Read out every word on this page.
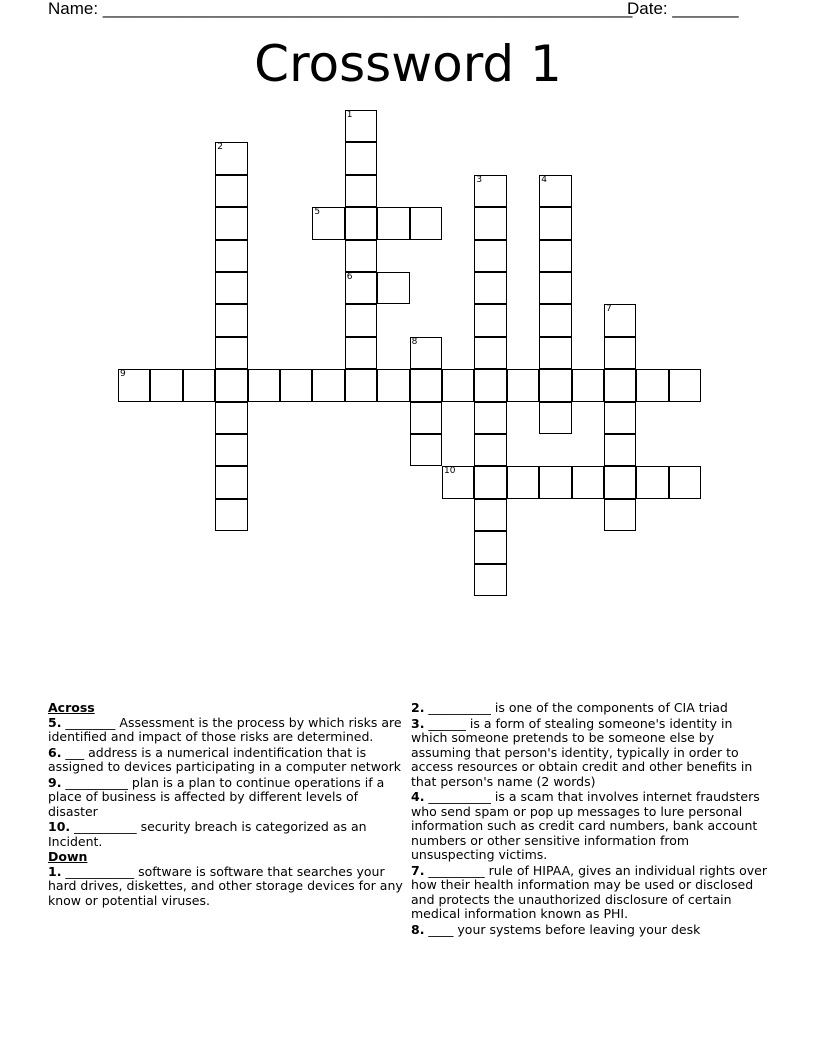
Name: ________________________________________________________
Date: _______
Crossword 1
1
6
2
3	4
5
7
8
9
10
Across
5. ________ Assessment is the process by which risks are identified and impact of those risks are determined.
6. ___ address is a numerical indentification that is assigned to devices participating in a computer network
9. __________ plan is a plan to continue operations if a place of business is affected by different levels of disaster
10. __________ security breach is categorized as an Incident.
Down
1. ___________ software is software that searches your hard drives, diskettes, and other storage devices for any know or potential viruses.
2. __________ is one of the components of CIA triad
3. ______ is a form of stealing someone's identity in which someone pretends to be someone else by assuming that person's identity, typically in order to access resources or obtain credit and other benefits in that person's name (2 words)
4. __________ is a scam that involves internet fraudsters who send spam or pop up messages to lure personal information such as credit card numbers, bank account numbers or other sensitive information from unsuspecting victims.
7. _________ rule of HIPAA, gives an individual rights over how their health information may be used or disclosed and protects the unauthorized disclosure of certain medical information known as PHI.
8. ____ your systems before leaving your desk
